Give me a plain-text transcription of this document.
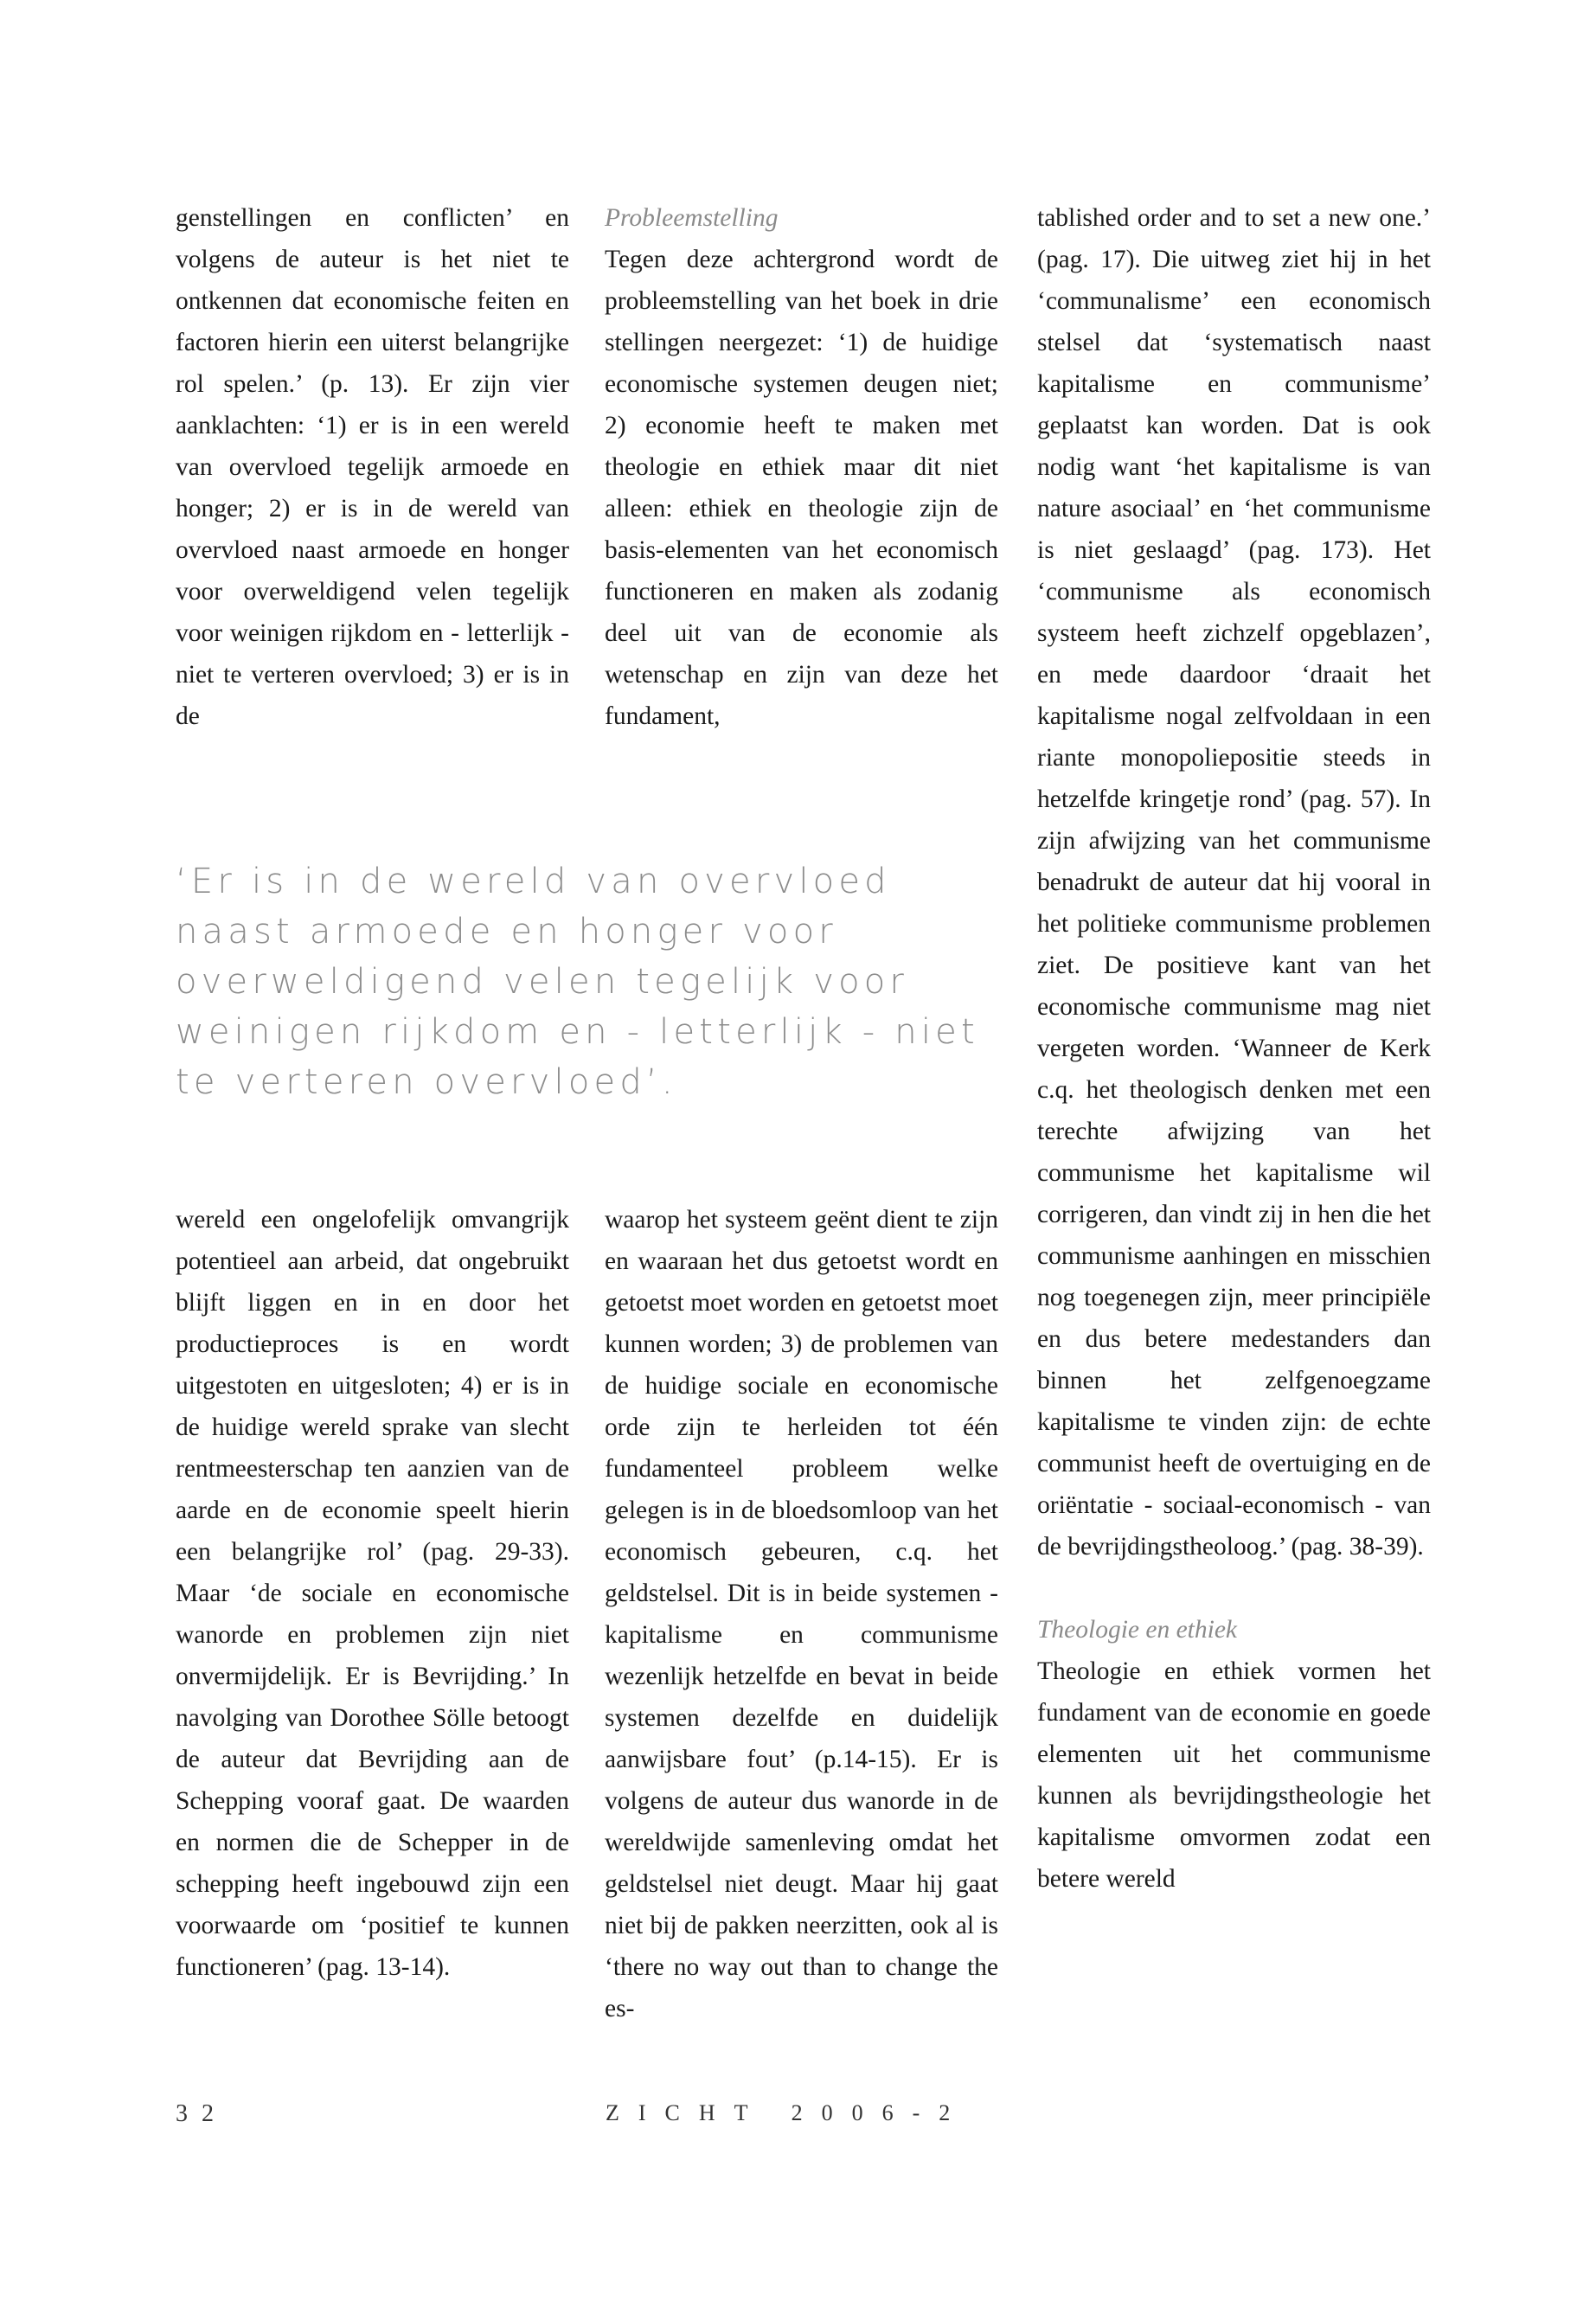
genstellingen en conflicten’ en volgens de auteur is het niet te ontkennen dat economische feiten en factoren hierin een uiterst belangrijke rol spelen.’ (p. 13). Er zijn vier aanklachten: ‘1) er is in een wereld van overvloed tegelijk armoede en honger; 2) er is in de wereld van overvloed naast armoede en honger voor overweldigend velen tegelijk voor weinigen rijkdom en - letterlijk - niet te verteren overvloed; 3) er is in de

Probleemstelling

Tegen deze achtergrond wordt de probleemstelling van het boek in drie stellingen neergezet: ‘1) de huidige economische systemen deugen niet; 2) economie heeft te maken met theologie en ethiek maar dit niet alleen: ethiek en theologie zijn de basis-elementen van het economisch functioneren en maken als zodanig deel uit van de economie als wetenschap en zijn van deze het fundament,

‘Er is in de wereld van overvloed naast armoede en honger voor overweldigend velen tegelijk voor weinigen rijkdom en - letterlijk - niet te verteren overvloed’.

wereld een ongelofelijk omvangrijk potentieel aan arbeid, dat ongebruikt blijft liggen en in en door het productieproces is en wordt uitgestoten en uitgesloten; 4) er is in de huidige wereld sprake van slecht rentmeesterschap ten aanzien van de aarde en de economie speelt hierin een belangrijke rol’ (pag. 29-33). Maar ‘de sociale en economische wanorde en problemen zijn niet onvermijdelijk. Er is Bevrijding.’ In navolging van Dorothee Sölle betoogt de auteur dat Bevrijding aan de Schepping vooraf gaat. De waarden en normen die de Schepper in de schepping heeft ingebouwd zijn een voorwaarde om ‘positief te kunnen functioneren’ (pag. 13-14).

waarop het systeem geënt dient te zijn en waaraan het dus getoetst wordt en getoetst moet worden en getoetst moet kunnen worden; 3) de problemen van de huidige sociale en economische orde zijn te herleiden tot één fundamenteel probleem welke gelegen is in de bloedsomloop van het economisch gebeuren, c.q. het geldstelsel. Dit is in beide systemen - kapitalisme en communisme wezenlijk hetzelfde en bevat in beide systemen dezelfde en duidelijk aanwijsbare fout’ (p.14-15). Er is volgens de auteur dus wanorde in de wereldwijde samenleving omdat het geldstelsel niet deugt. Maar hij gaat niet bij de pakken neerzitten, ook al is ‘there no way out than to change the es-

tablished order and to set a new one.’ (pag. 17). Die uitweg ziet hij in het ‘communalisme’ een economisch stelsel dat ‘systematisch naast kapitalisme en communisme’ geplaatst kan worden. Dat is ook nodig want ‘het kapitalisme is van nature asociaal’ en ‘het communisme is niet geslaagd’ (pag. 173). Het ‘communisme als economisch systeem heeft zichzelf opgeblazen’, en mede daardoor ‘draait het kapitalisme nogal zelfvoldaan in een riante monopoliepositie steeds in hetzelfde kringetje rond’ (pag. 57). In zijn afwijzing van het communisme benadrukt de auteur dat hij vooral in het politieke communisme problemen ziet. De positieve kant van het economische communisme mag niet vergeten worden. ‘Wanneer de Kerk c.q. het theologisch denken met een terechte afwijzing van het communisme het kapitalisme wil corrigeren, dan vindt zij in hen die het communisme aanhingen en misschien nog toegenegen zijn, meer principiële en dus betere medestanders dan binnen het zelfgenoegzame kapitalisme te vinden zijn: de echte communist heeft de overtuiging en de oriëntatie - sociaal-economisch - van de bevrijdingstheoloog.’ (pag. 38-39).

Theologie en ethiek

Theologie en ethiek vormen het fundament van de economie en goede elementen uit het communisme kunnen als bevrijdingstheologie het kapitalisme omvormen zodat een betere wereld

32	ZICHT 2006-2
